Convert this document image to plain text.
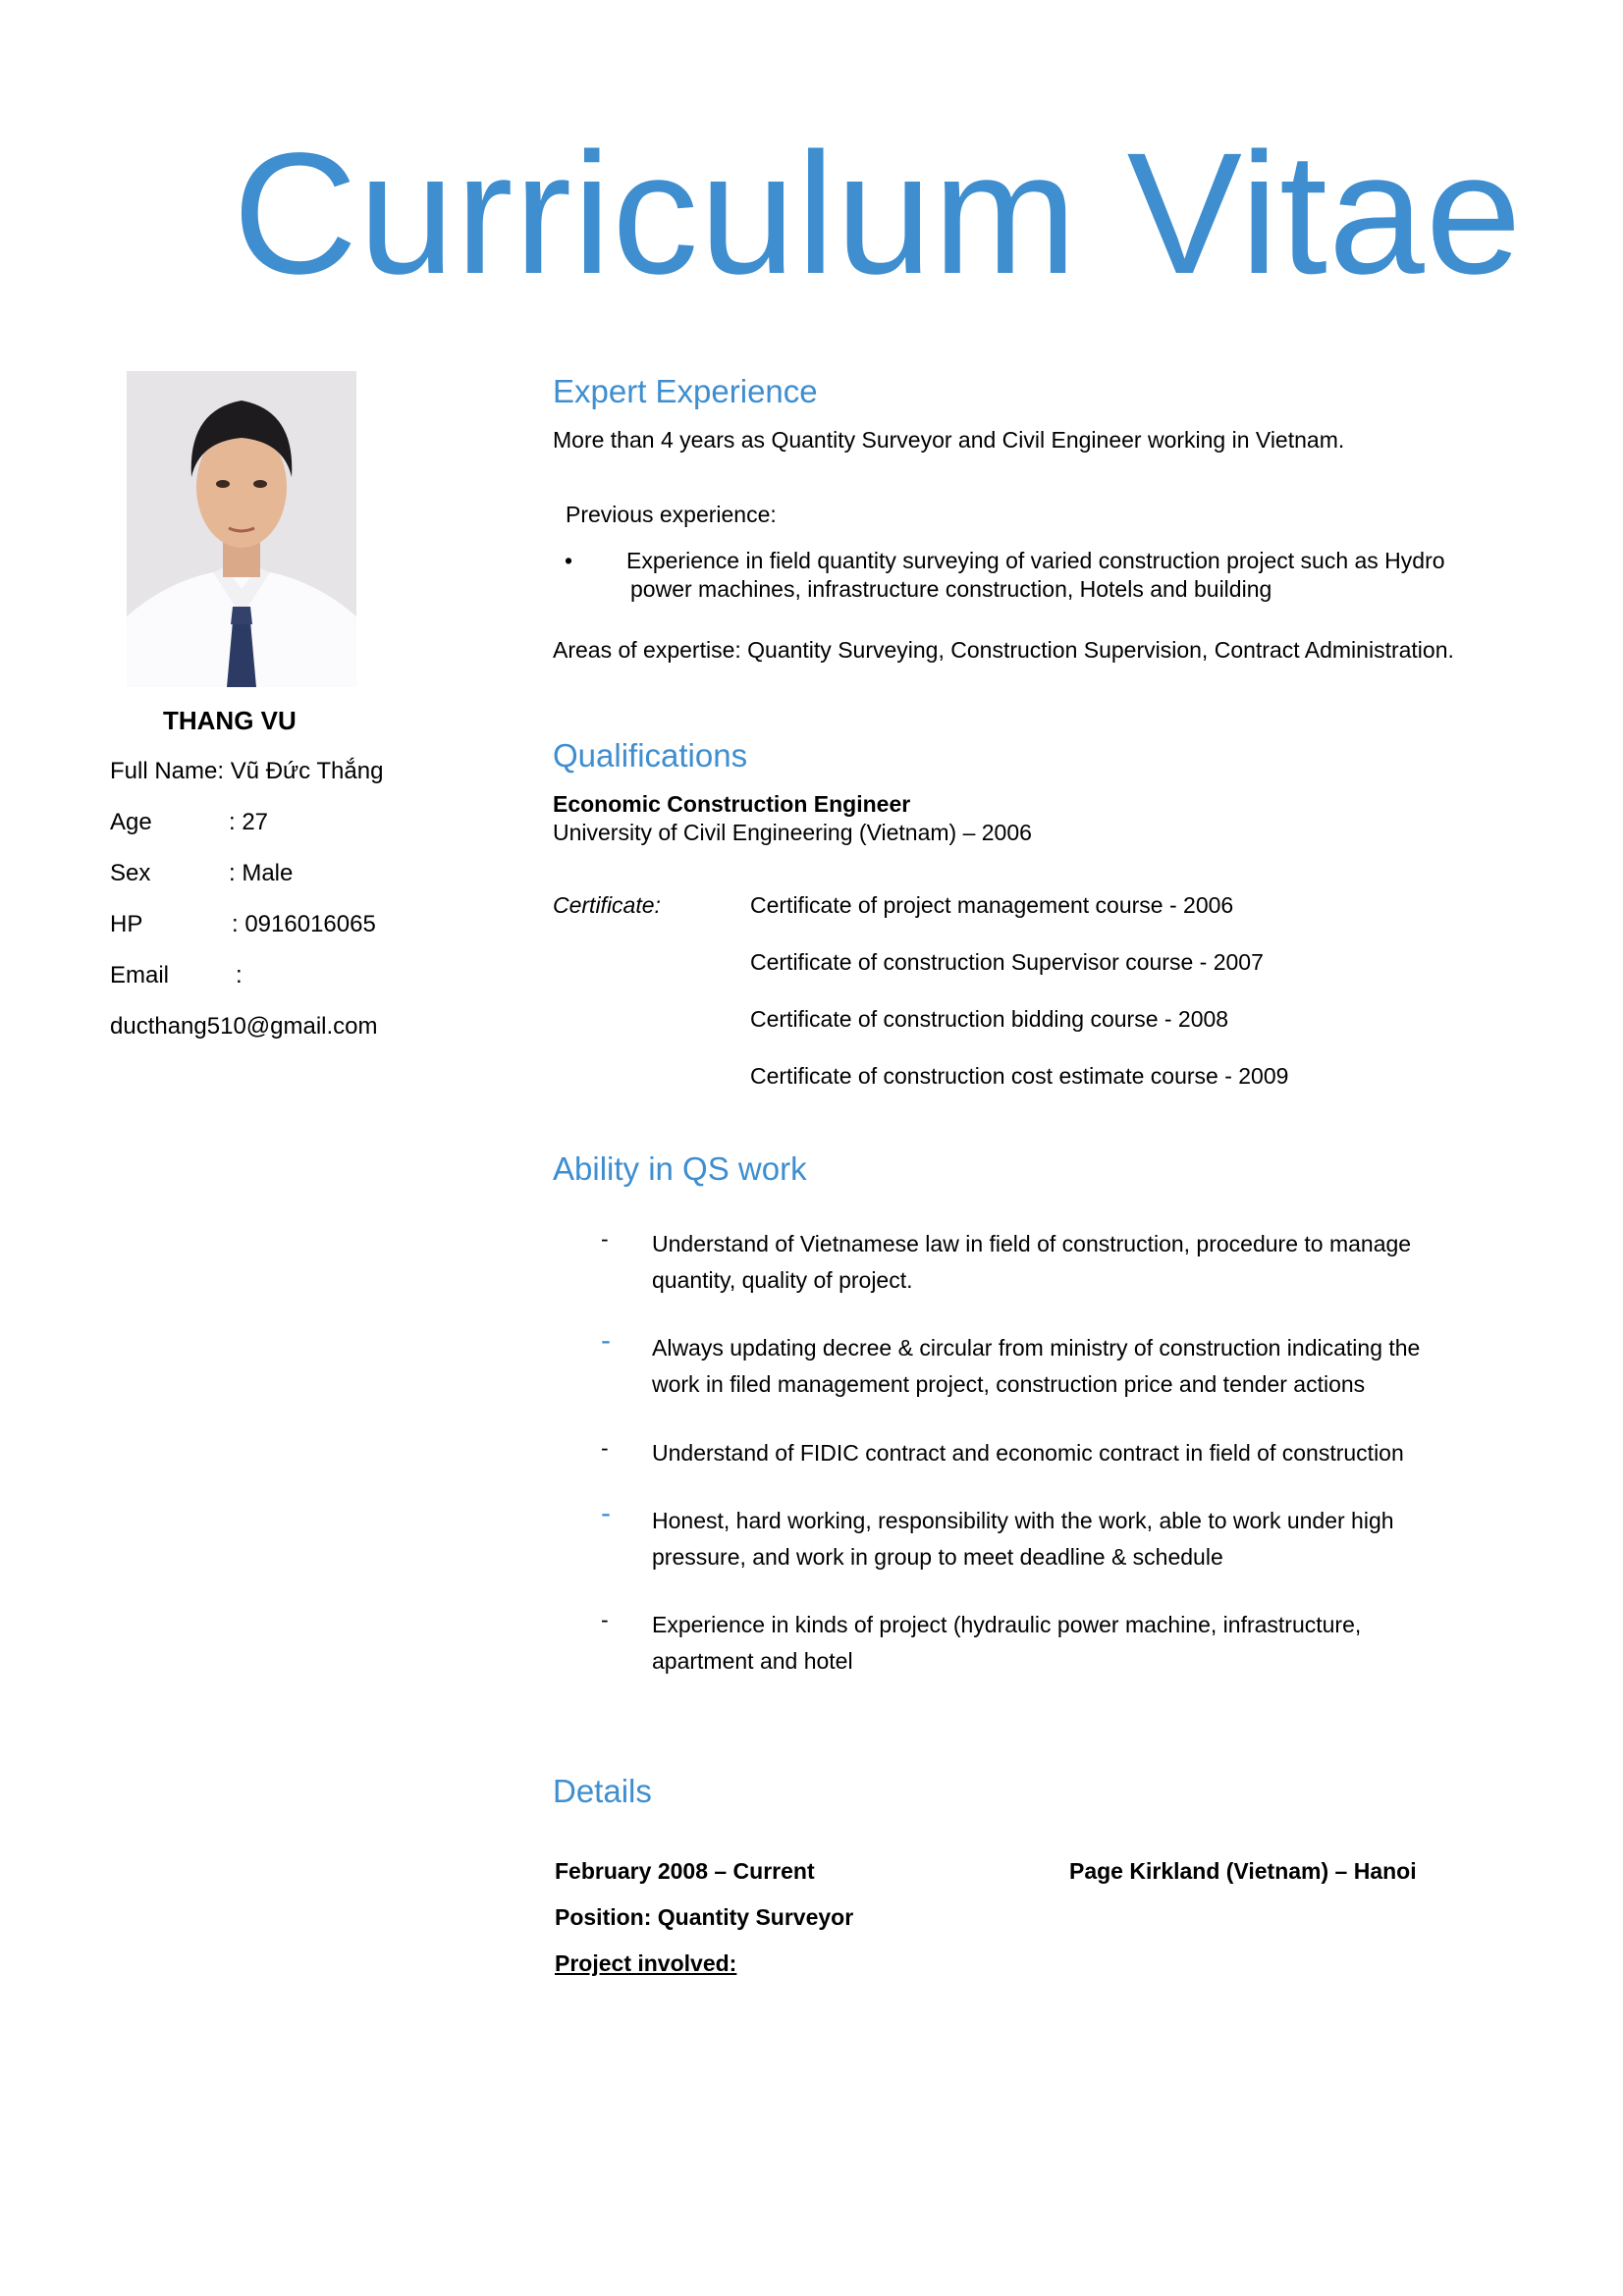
Curriculum Vitae
THANG VU
Full Name: Vũ Đức Thắng
Age	: 27
Sex	: Male
HP	: 0916016065
Email	:
ducthang510@gmail.com
Expert Experience
More than 4 years as Quantity Surveyor and Civil Engineer working in Vietnam.
Previous experience:
• Experience in field quantity surveying of varied construction project such as Hydro
power machines, infrastructure construction, Hotels and building
Areas of expertise: Quantity Surveying, Construction Supervision, Contract Administration.
Qualifications
Economic Construction Engineer
University of Civil Engineering (Vietnam) – 2006
Certificate:	Certificate of project management course - 2006
Certificate of construction Supervisor course - 2007
Certificate of construction bidding course - 2008
Certificate of construction cost estimate course - 2009
Ability in QS work
- Understand of Vietnamese law in field of construction, procedure to manage
quantity, quality of project.
- Always updating decree & circular from ministry of construction indicating the
work in filed management project, construction price and tender actions
- Understand of FIDIC contract and economic contract in field of construction
- Honest, hard working, responsibility with the work, able to work under high
pressure, and work in group to meet deadline & schedule
- Experience in kinds of project (hydraulic power machine, infrastructure,
apartment and hotel
Details
February 2008 – Current	Page Kirkland (Vietnam) – Hanoi
Position: Quantity Surveyor
Project involved:
